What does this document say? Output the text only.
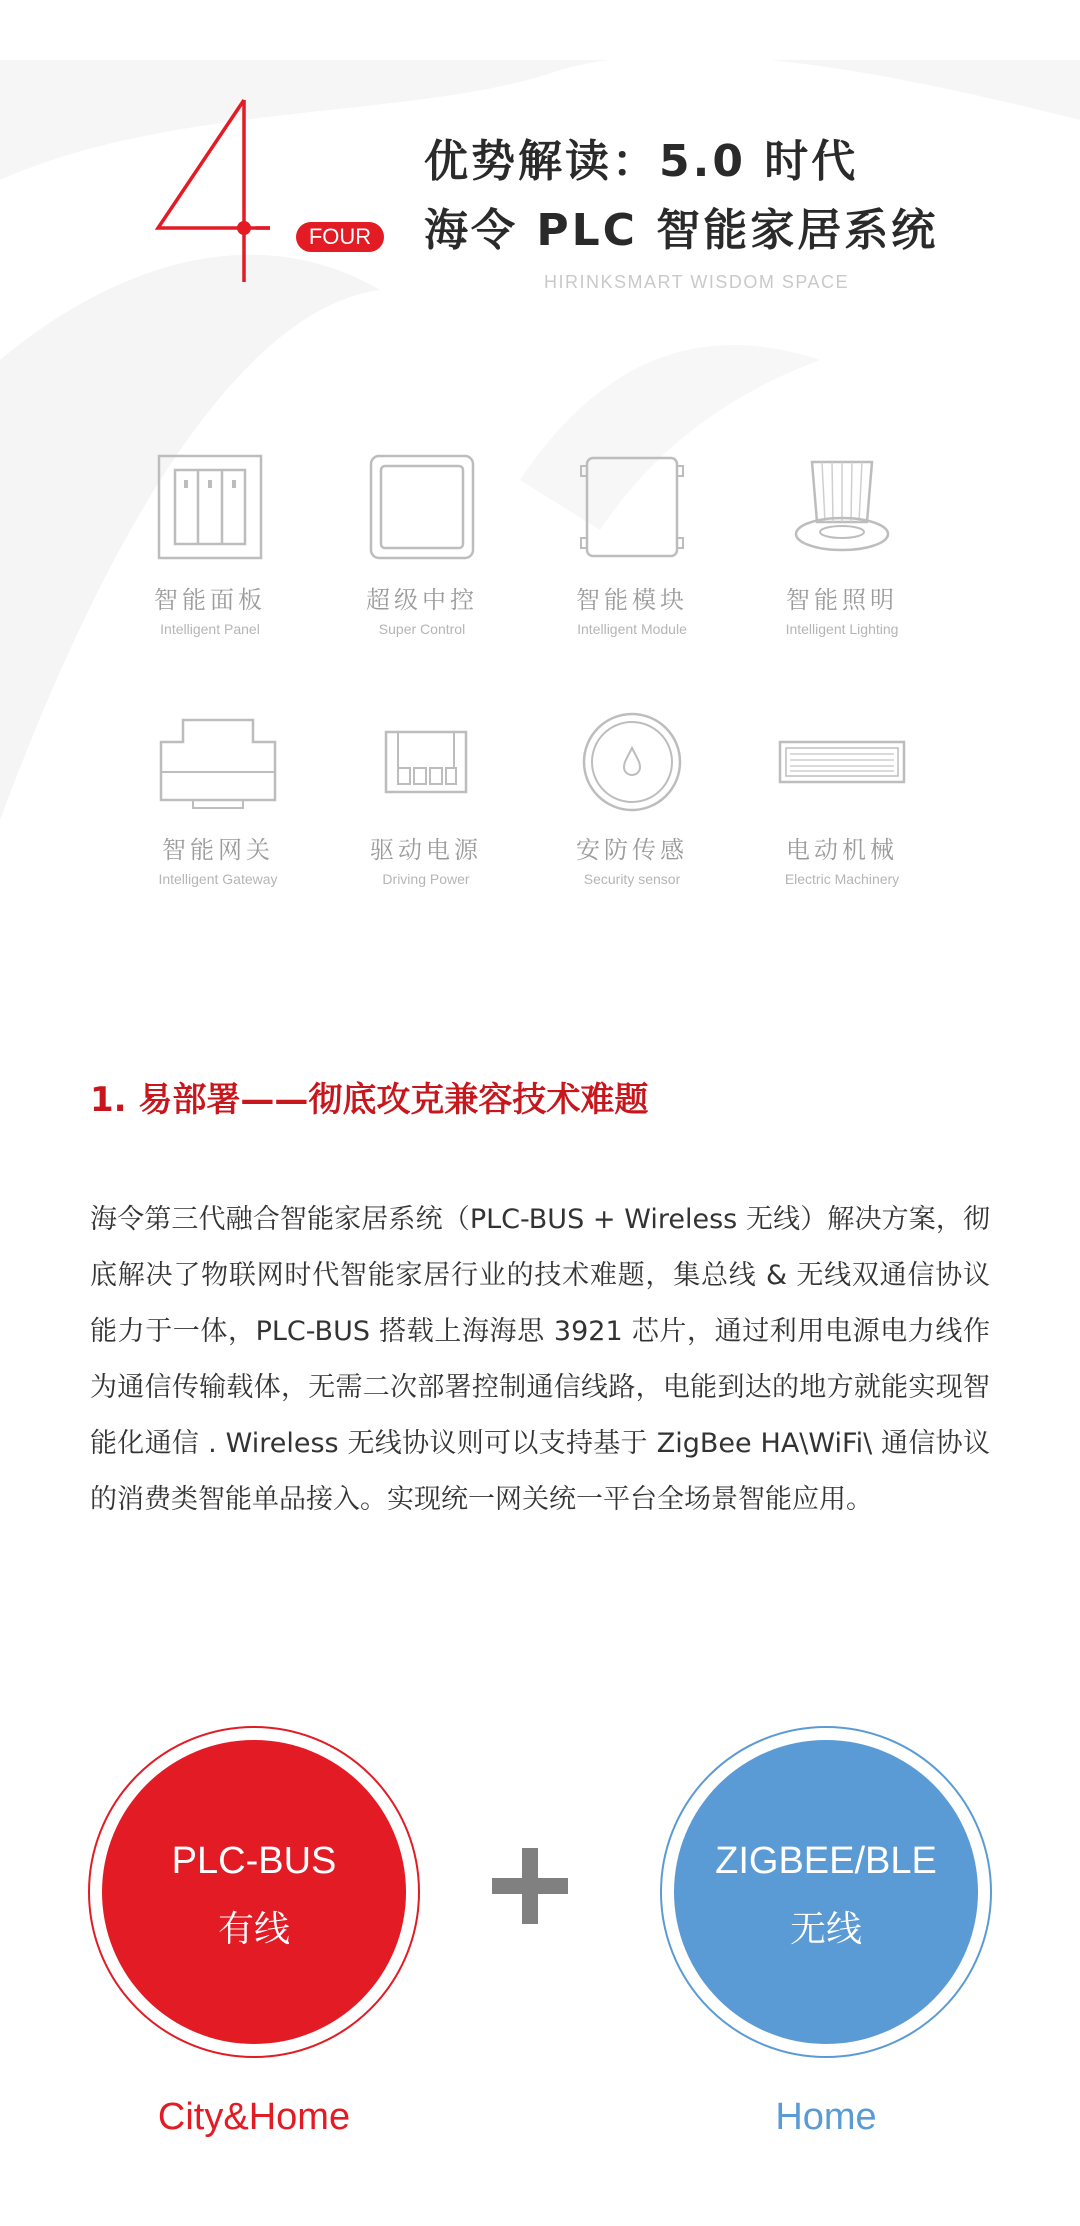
FOUR
优势解读：5.0 时代
海令 PLC 智能家居系统
HIRINKSMART WISDOM SPACE
智能面板
Intelligent Panel
超级中控
Super Control
智能模块
Intelligent Module
智能照明
Intelligent Lighting
智能网关
Intelligent Gateway
驱动电源
Driving Power
安防传感
Security sensor
电动机械
Electric Machinery
1. 易部署——彻底攻克兼容技术难题
海令第三代融合智能家居系统（PLC-BUS + Wireless 无线）解决方案，彻底解决了物联网时代智能家居行业的技术难题，集总线 & 无线双通信协议能力于一体，PLC-BUS 搭载上海海思 3921 芯片，通过利用电源电力线作为通信传输载体，无需二次部署控制通信线路，电能到达的地方就能实现智能化通信 . Wireless 无线协议则可以支持基于 ZigBee HA\WiFi\ 通信协议的消费类智能单品接入。实现统一网关统一平台全场景智能应用。
PLC-BUS
有线
ZIGBEE/BLE
无线
City&Home	Home
